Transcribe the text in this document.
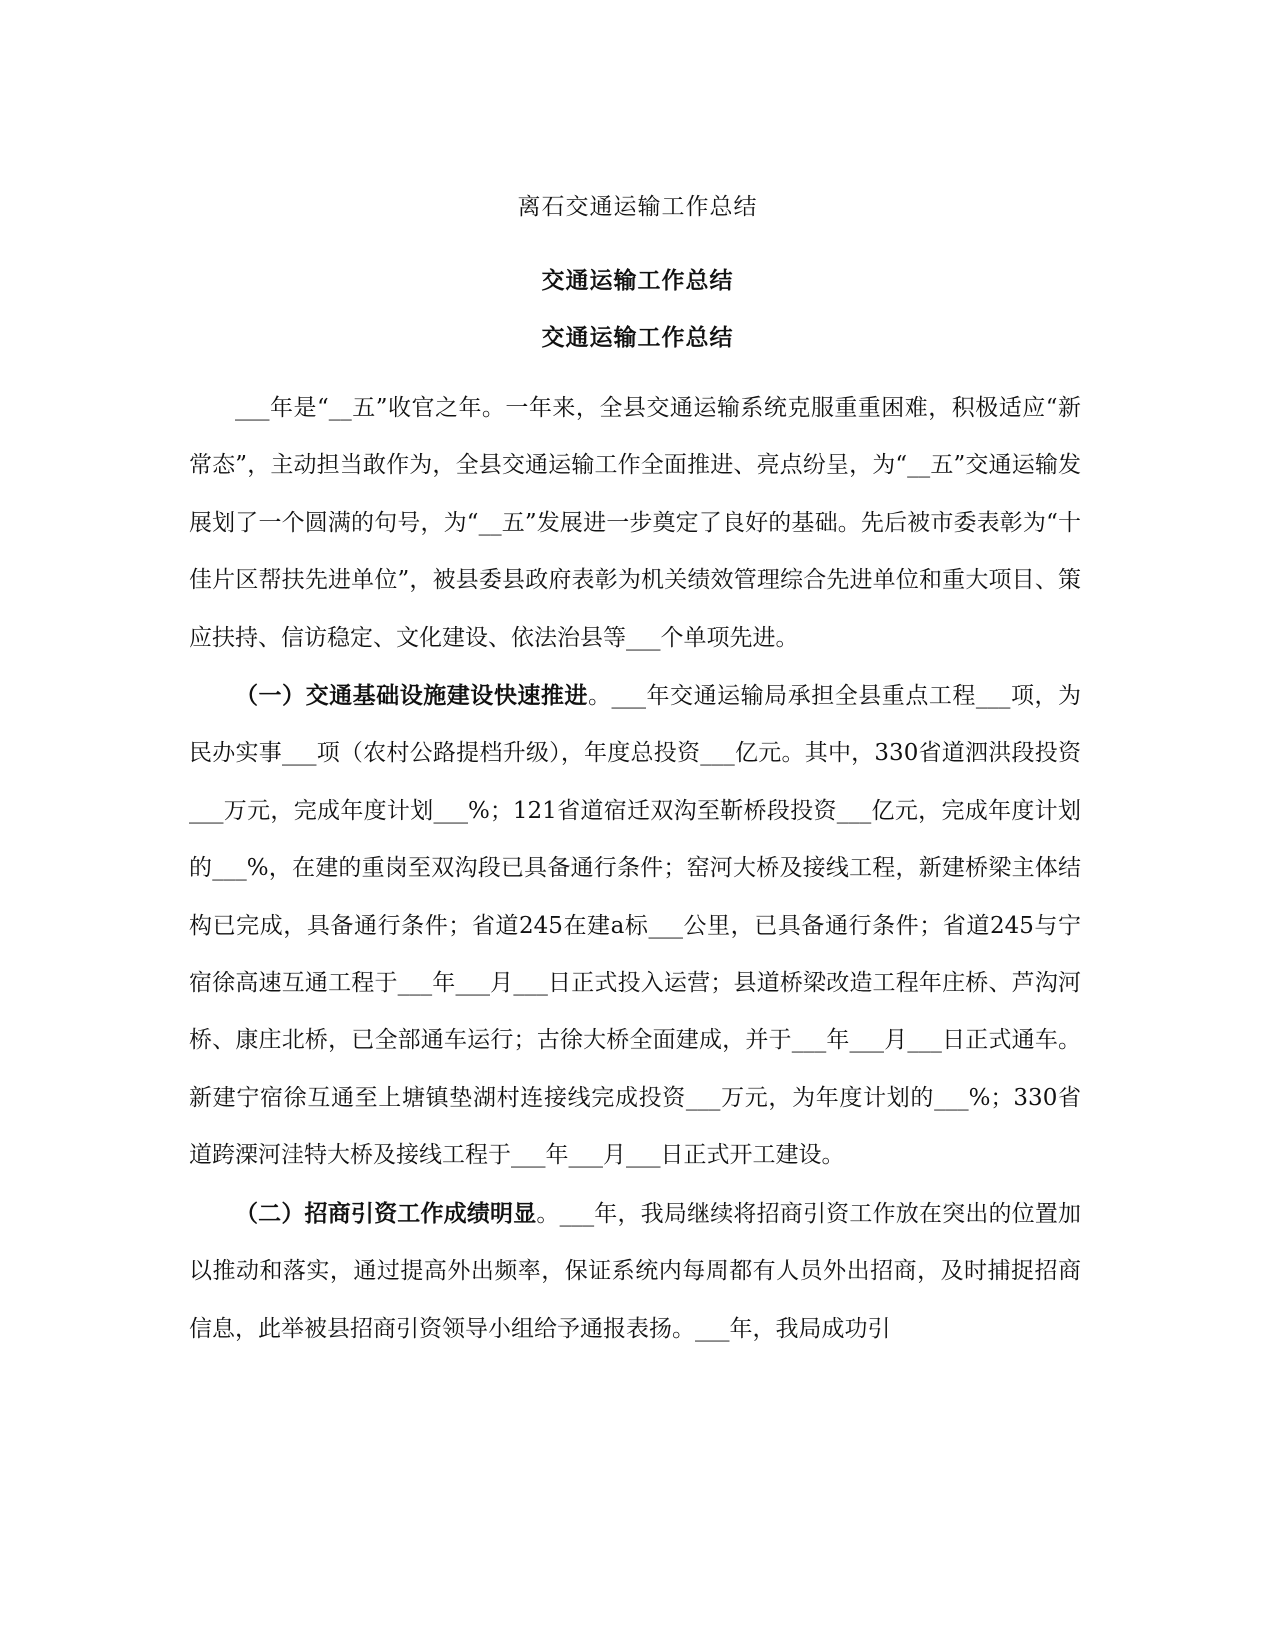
离石交通运输工作总结
交通运输工作总结
交通运输工作总结

___年是“__五”收官之年。一年来，全县交通运输系统克服重重困难，积极适应“新常态”，主动担当敢作为，全县交通运输工作全面推进、亮点纷呈，为“__五”交通运输发展划了一个圆满的句号，为“__五”发展进一步奠定了良好的基础。先后被市委表彰为“十佳片区帮扶先进单位”，被县委县政府表彰为机关绩效管理综合先进单位和重大项目、策应扶持、信访稳定、文化建设、依法治县等___个单项先进。

（一）交通基础设施建设快速推进。___年交通运输局承担全县重点工程___项，为民办实事___项（农村公路提档升级），年度总投资___亿元。其中，330省道泗洪段投资___万元，完成年度计划___%；121省道宿迁双沟至靳桥段投资___亿元，完成年度计划的___%，在建的重岗至双沟段已具备通行条件；窑河大桥及接线工程，新建桥梁主体结构已完成，具备通行条件；省道245在建a标___公里，已具备通行条件；省道245与宁宿徐高速互通工程于___年___月___日正式投入运营；县道桥梁改造工程年庄桥、芦沟河桥、康庄北桥，已全部通车运行；古徐大桥全面建成，并于___年___月___日正式通车。新建宁宿徐互通至上塘镇垫湖村连接线完成投资___万元，为年度计划的___%；330省道跨溧河洼特大桥及接线工程于___年___月___日正式开工建设。

（二）招商引资工作成绩明显。___年，我局继续将招商引资工作放在突出的位置加以推动和落实，通过提高外出频率，保证系统内每周都有人员外出招商，及时捕捉招商信息，此举被县招商引资领导小组给予通报表扬。___年，我局成功引
